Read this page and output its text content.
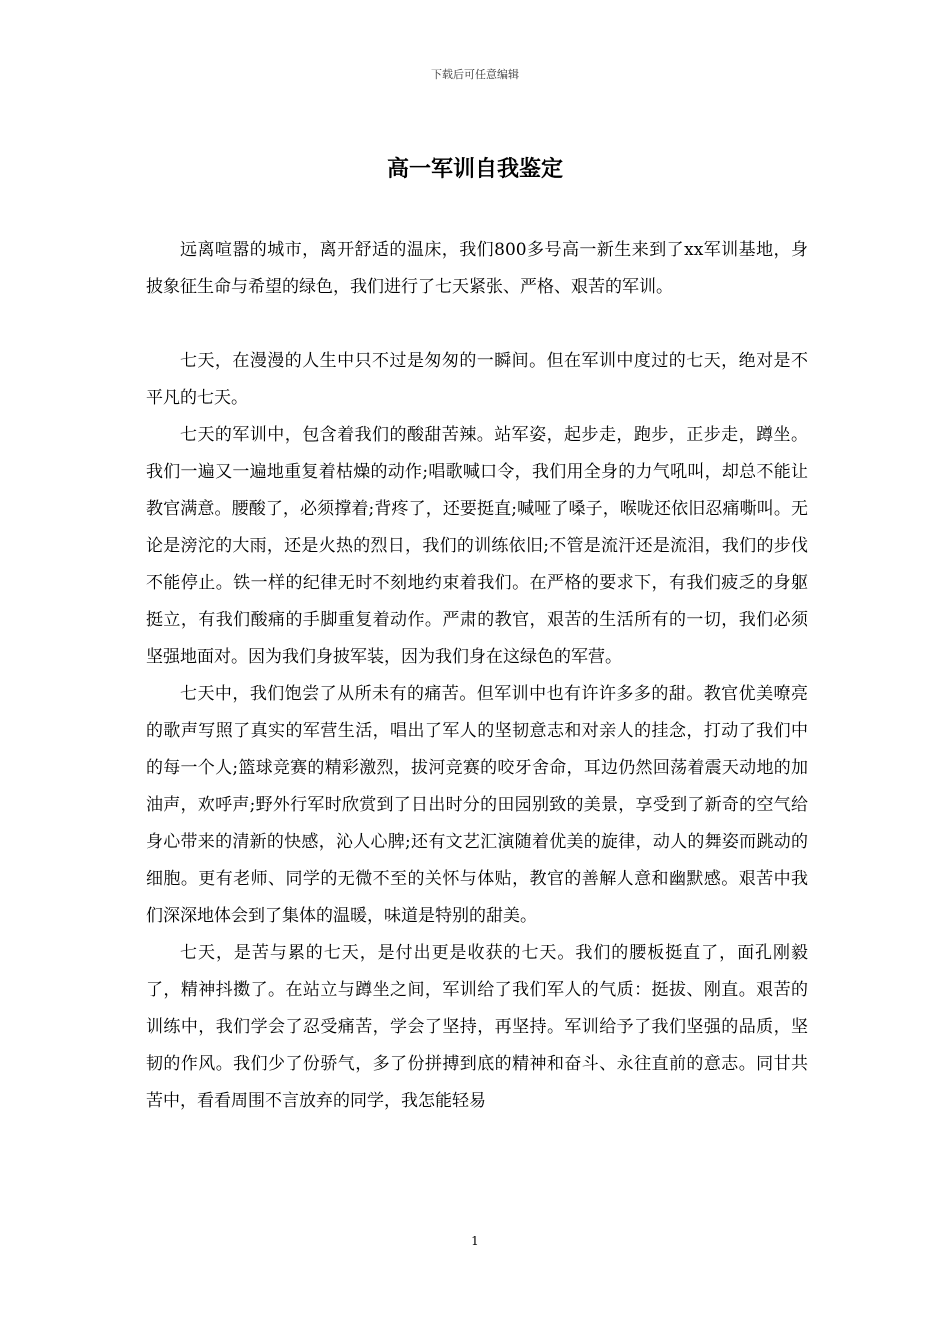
下载后可任意编辑
高一军训自我鉴定

远离喧嚣的城市，离开舒适的温床，我们800多号高一新生来到了xx军训基地，身披象征生命与希望的绿色，我们进行了七天紧张、严格、艰苦的军训。

七天，在漫漫的人生中只不过是匆匆的一瞬间。但在军训中度过的七天，绝对是不平凡的七天。

七天的军训中，包含着我们的酸甜苦辣。站军姿，起步走，跑步，正步走，蹲坐。我们一遍又一遍地重复着枯燥的动作;唱歌喊口令，我们用全身的力气吼叫，却总不能让教官满意。腰酸了，必须撑着;背疼了，还要挺直;喊哑了嗓子，喉咙还依旧忍痛嘶叫。无论是滂沱的大雨，还是火热的烈日，我们的训练依旧;不管是流汗还是流泪，我们的步伐不能停止。铁一样的纪律无时不刻地约束着我们。在严格的要求下，有我们疲乏的身躯挺立，有我们酸痛的手脚重复着动作。严肃的教官，艰苦的生活所有的一切，我们必须坚强地面对。因为我们身披军装，因为我们身在这绿色的军营。

七天中，我们饱尝了从所未有的痛苦。但军训中也有许许多多的甜。教官优美嘹亮的歌声写照了真实的军营生活，唱出了军人的坚韧意志和对亲人的挂念，打动了我们中的每一个人;篮球竞赛的精彩激烈，拔河竞赛的咬牙舍命，耳边仍然回荡着震天动地的加油声，欢呼声;野外行军时欣赏到了日出时分的田园别致的美景，享受到了新奇的空气给身心带来的清新的快感，沁人心脾;还有文艺汇演随着优美的旋律，动人的舞姿而跳动的细胞。更有老师、同学的无微不至的关怀与体贴，教官的善解人意和幽默感。艰苦中我们深深地体会到了集体的温暖，味道是特别的甜美。

七天，是苦与累的七天，是付出更是收获的七天。我们的腰板挺直了，面孔刚毅了，精神抖擞了。在站立与蹲坐之间，军训给了我们军人的气质：挺拔、刚直。艰苦的训练中，我们学会了忍受痛苦，学会了坚持，再坚持。军训给予了我们坚强的品质，坚韧的作风。我们少了份骄气，多了份拼搏到底的精神和奋斗、永往直前的意志。同甘共苦中，看看周围不言放弃的同学，我怎能轻易

1
